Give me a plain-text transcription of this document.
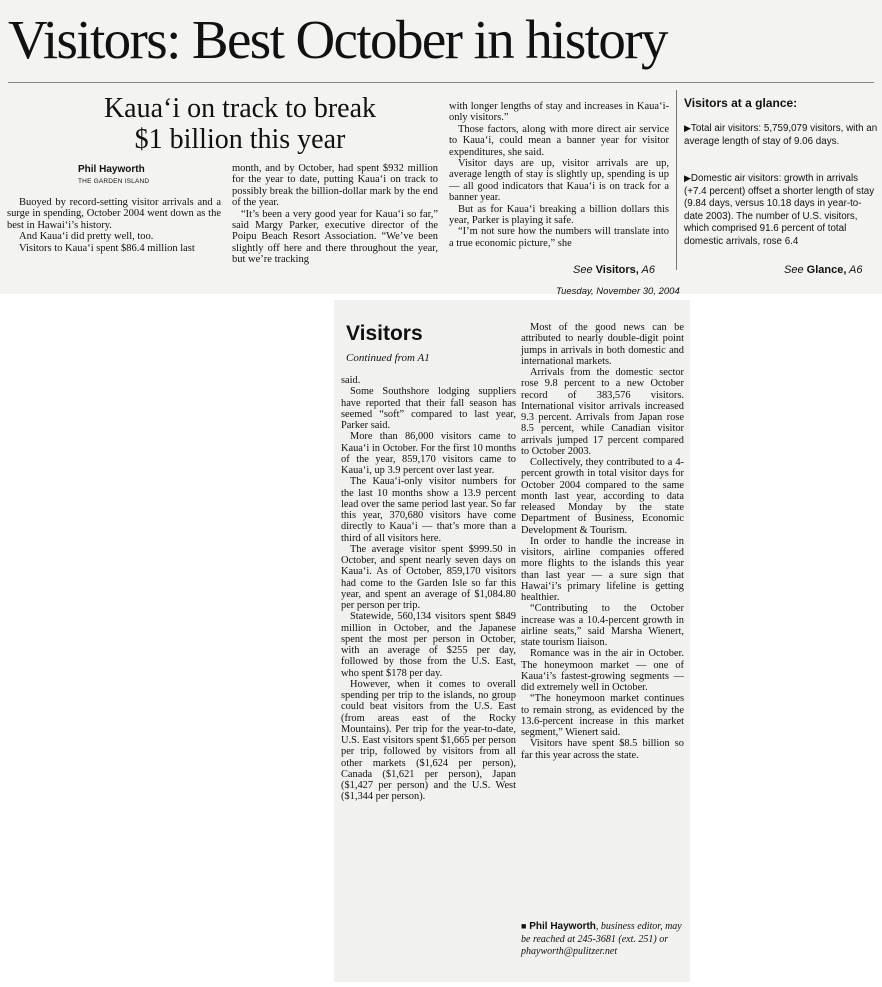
Visitors: Best October in history
Kaua‘i on track to break
$1 billion this year
Phil Hayworth
THE GARDEN ISLAND

Buoyed by record-setting visitor arrivals and a surge in spending, October 2004 went down as the best in Hawai‘i’s history.

And Kaua‘i did pretty well, too.

Visitors to Kaua‘i spent $86.4 million last

month, and by October, had spent $932 million for the year to date, putting Kaua‘i on track to possibly break the billion-dollar mark by the end of the year.

“It’s been a very good year for Kaua‘i so far,” said Margy Parker, executive director of the Poipu Beach Resort Association. “We’ve been slightly off here and there throughout the year, but we’re tracking

with longer lengths of stay and increases in Kaua‘i-only visitors.”

Those factors, along with more direct air service to Kaua‘i, could mean a banner year for visitor expenditures, she said.

Visitor days are up, visitor arrivals are up, average length of stay is slightly up, spending is up — all good indicators that Kaua‘i is on track for a banner year.

But as for Kaua‘i breaking a billion dollars this year, Parker is playing it safe.

“I’m not sure how the numbers will translate into a true economic picture,” she

See Visitors, A6
Visitors at a glance:

▶Total air visitors: 5,759,079 visitors, with an average length of stay of 9.06 days.

▶Domestic air visitors: growth in arrivals (+7.4 percent) offset a shorter length of stay (9.84 days, versus 10.18 days in year-to-date 2003). The number of U.S. visitors, which comprised 91.6 percent of total domestic arrivals, rose 6.4

See Glance, A6
Tuesday, November 30, 2004
Visitors
Continued from A1

said.

Some Southshore lodging suppliers have reported that their fall season has seemed “soft” compared to last year, Parker said.

More than 86,000 visitors came to Kaua‘i in October. For the first 10 months of the year, 859,170 visitors came to Kaua‘i, up 3.9 percent over last year.

The Kaua‘i-only visitor numbers for the last 10 months show a 13.9 percent lead over the same period last year. So far this year, 370,680 visitors have come directly to Kaua‘i — that’s more than a third of all visitors here.

The average visitor spent $999.50 in October, and spent nearly seven days on Kaua‘i. As of October, 859,170 visitors had come to the Garden Isle so far this year, and spent an average of $1,084.80 per person per trip.

Statewide, 560,134 visitors spent $849 million in October, and the Japanese spent the most per person in October, with an average of $255 per day, followed by those from the U.S. East, who spent $178 per day.

However, when it comes to overall spending per trip to the islands, no group could beat visitors from the U.S. East (from areas east of the Rocky Mountains). Per trip for the year-to-date, U.S. East visitors spent $1,665 per person per trip, followed by visitors from all other markets ($1,624 per person), Canada ($1,621 per person), Japan ($1,427 per person) and the U.S. West ($1,344 per person).

Most of the good news can be attributed to nearly double-digit point jumps in arrivals in both domestic and international markets.

Arrivals from the domestic sector rose 9.8 percent to a new October record of 383,576 visitors. International visitor arrivals increased 9.3 percent. Arrivals from Japan rose 8.5 percent, while Canadian visitor arrivals jumped 17 percent compared to October 2003.

Collectively, they contributed to a 4-percent growth in total visitor days for October 2004 compared to the same month last year, according to data released Monday by the state Department of Business, Economic Development & Tourism.

In order to handle the increase in visitors, airline companies offered more flights to the islands this year than last year — a sure sign that Hawai‘i’s primary lifeline is getting healthier.

“Contributing to the October increase was a 10.4-percent growth in airline seats,” said Marsha Wienert, state tourism liaison.

Romance was in the air in October. The honeymoon market — one of Kaua‘i’s fastest-growing segments — did extremely well in October.

“The honeymoon market continues to remain strong, as evidenced by the 13.6-percent increase in this market segment,” Wienert said.

Visitors have spent $8.5 billion so far this year across the state.

■ Phil Hayworth, business editor, may be reached at 245-3681 (ext. 251) or phayworth@pulitzer.net
